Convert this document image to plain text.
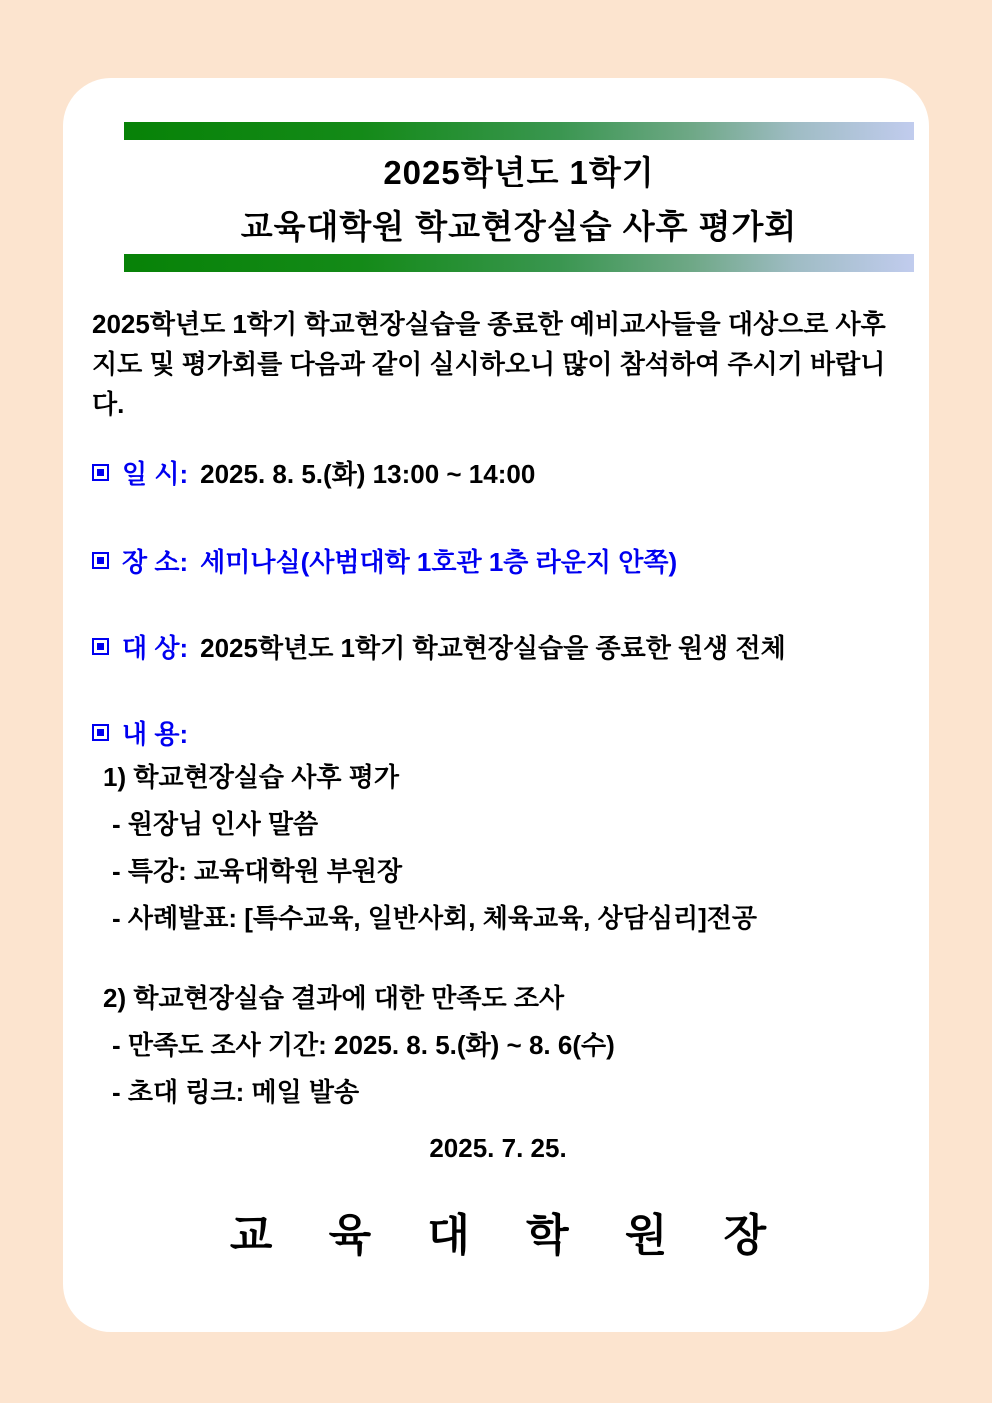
2025학년도 1학기
교육대학원 학교현장실습 사후 평가회
2025학년도 1학기 학교현장실습을 종료한 예비교사들을 대상으로 사후
지도 및 평가회를 다음과 같이 실시하오니 많이 참석하여 주시기 바랍니다.
일 시: 2025. 8. 5.(화) 13:00 ~ 14:00
장 소: 세미나실(사범대학 1호관 1층 라운지 안쪽)
대 상: 2025학년도 1학기 학교현장실습을 종료한 원생 전체
내 용:
1) 학교현장실습 사후 평가
- 원장님 인사 말씀
- 특강: 교육대학원 부원장
- 사례발표: [특수교육, 일반사회, 체육교육, 상담심리]전공
2) 학교현장실습 결과에 대한 만족도 조사
- 만족도 조사 기간: 2025. 8. 5.(화) ~ 8. 6(수)
- 초대 링크: 메일 발송
2025. 7. 25.
교 육 대 학 원 장
